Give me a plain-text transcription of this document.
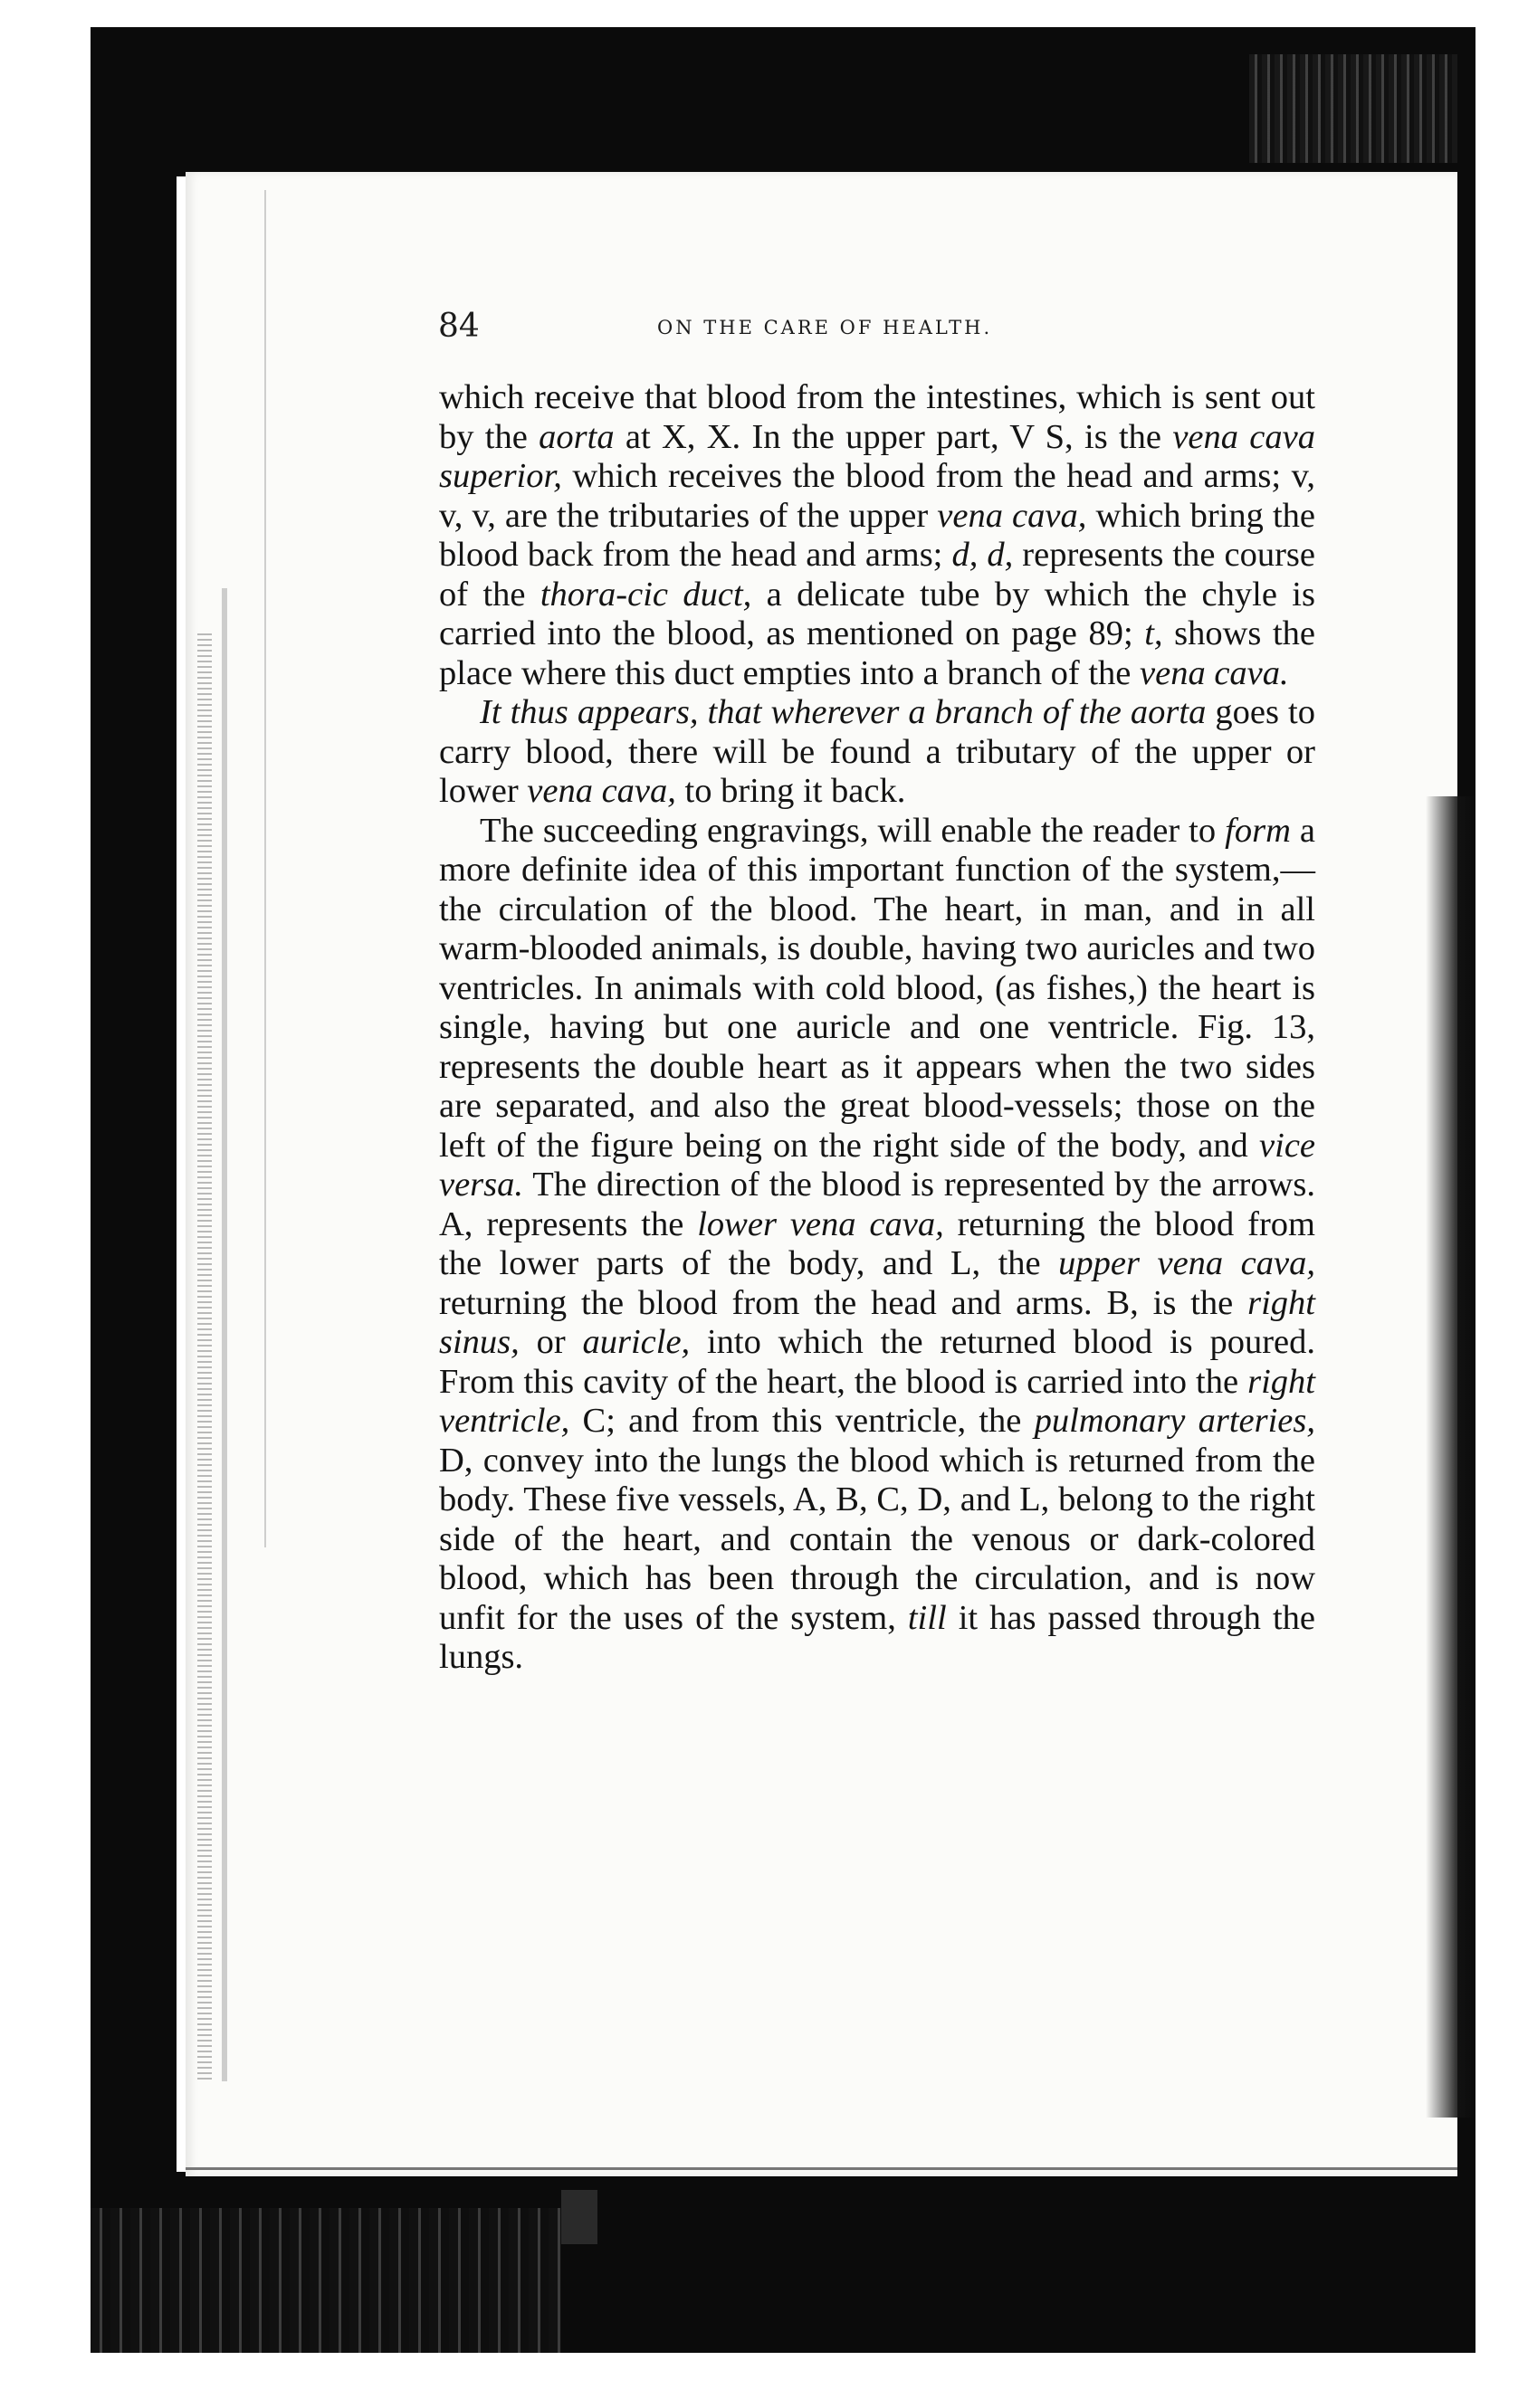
84	ON THE CARE OF HEALTH.

which receive that blood from the intestines, which is sent out by the aorta at X, X. In the upper part, V S, is the vena cava superior, which receives the blood from the head and arms; v, v, v, are the tributaries of the upper vena cava, which bring the blood back from the head and arms; d, d, represents the course of the thora-cic duct, a delicate tube by which the chyle is carried into the blood, as mentioned on page 89; t, shows the place where this duct empties into a branch of the vena cava.

It thus appears, that wherever a branch of the aorta goes to carry blood, there will be found a tributary of the upper or lower vena cava, to bring it back.

The succeeding engravings, will enable the reader to form a more definite idea of this important function of the system,—the circulation of the blood. The heart, in man, and in all warm-blooded animals, is double, having two auricles and two ventricles. In animals with cold blood, (as fishes,) the heart is single, having but one auricle and one ventricle. Fig. 13, represents the double heart as it appears when the two sides are separated, and also the great blood-vessels; those on the left of the figure being on the right side of the body, and vice versa. The direction of the blood is represented by the arrows. A, represents the lower vena cava, returning the blood from the lower parts of the body, and L, the upper vena cava, returning the blood from the head and arms. B, is the right sinus, or auricle, into which the returned blood is poured. From this cavity of the heart, the blood is carried into the right ventricle, C; and from this ventricle, the pulmonary arteries, D, convey into the lungs the blood which is returned from the body. These five vessels, A, B, C, D, and L, belong to the right side of the heart, and contain the venous or dark-colored blood, which has been through the circulation, and is now unfit for the uses of the system, till it has passed through the lungs.
